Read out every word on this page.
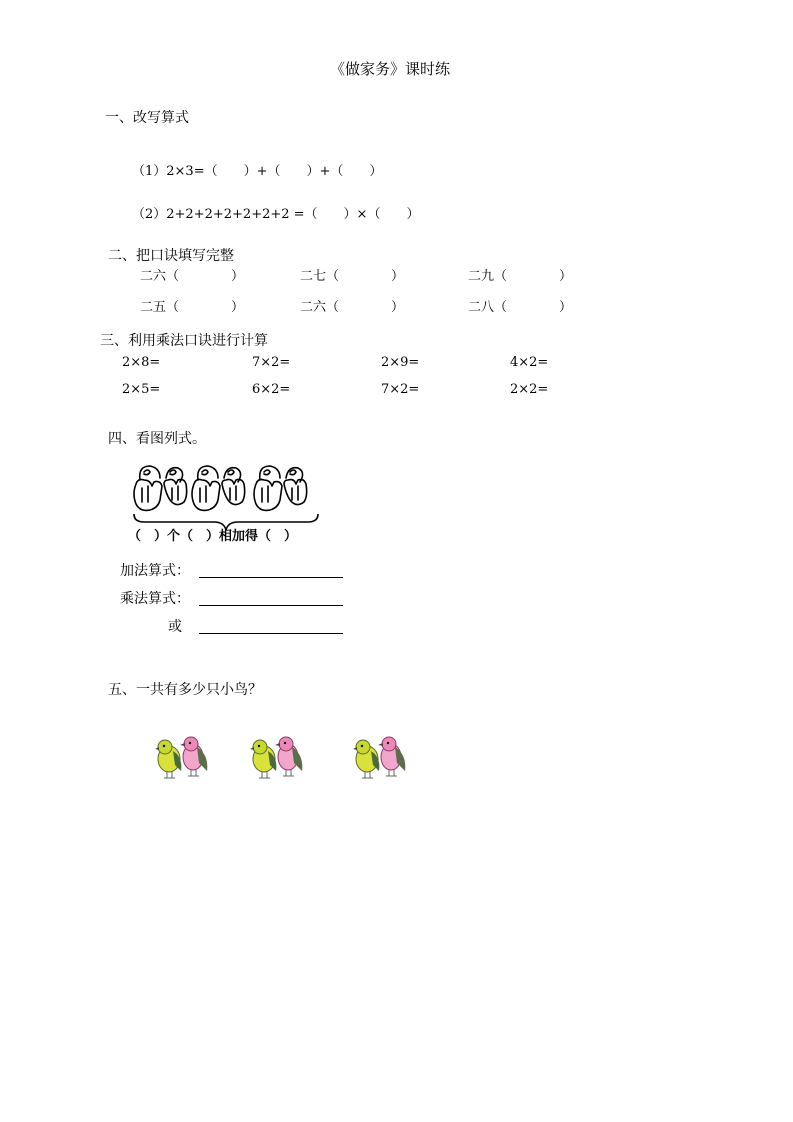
《做家务》课时练
一、改写算式
（1）2×3=（　　）+（　　）+（　　）
（2）2+2+2+2+2+2+2 =（　　）×（　　）
二、把口诀填写完整
二六（　　　　）	二七（　　　　）	二九（　　　　）
二五（　　　　）	二六（　　　　）	二八（　　　　）
三、利用乘法口诀进行计算
2×8=	7×2=	2×9=	4×2=
2×5=	6×2=	7×2=	2×2=
四、看图列式。
（　）个（　）相加得（　）
加法算式：
乘法算式：
或
五、一共有多少只小鸟？
